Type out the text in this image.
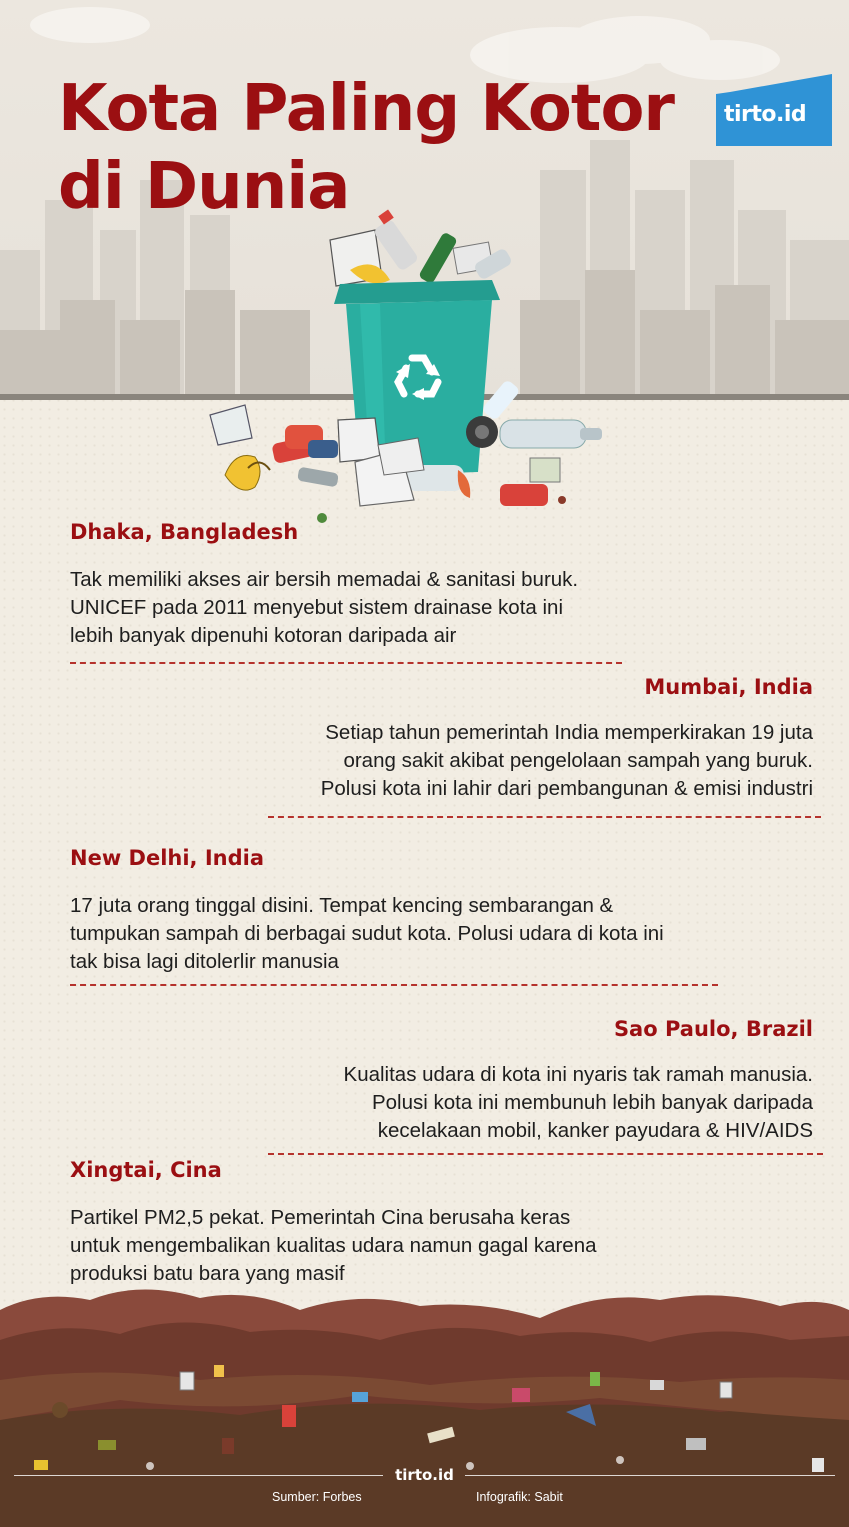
Kota Paling Kotor
di Dunia
tirto.id
Dhaka, Bangladesh

Tak memiliki akses air bersih memadai & sanitasi buruk.
UNICEF pada 2011 menyebut sistem drainase kota ini
lebih banyak dipenuhi kotoran daripada air

Mumbai, India

Setiap tahun pemerintah India memperkirakan 19 juta
orang sakit akibat pengelolaan sampah yang buruk.
Polusi kota ini lahir dari pembangunan & emisi industri

New Delhi, India

17 juta orang tinggal disini. Tempat kencing sembarangan &
tumpukan sampah di berbagai sudut kota. Polusi udara di kota ini
tak bisa lagi ditolerlir manusia

Sao Paulo, Brazil

Kualitas udara di kota ini nyaris tak ramah manusia.
Polusi kota ini membunuh lebih banyak daripada
kecelakaan mobil, kanker payudara & HIV/AIDS

Xingtai, Cina

Partikel PM2,5 pekat. Pemerintah Cina berusaha keras
untuk mengembalikan kualitas udara namun gagal karena
produksi batu bara yang masif

tirto.id
Sumber: Forbes	Infografik: Sabit
